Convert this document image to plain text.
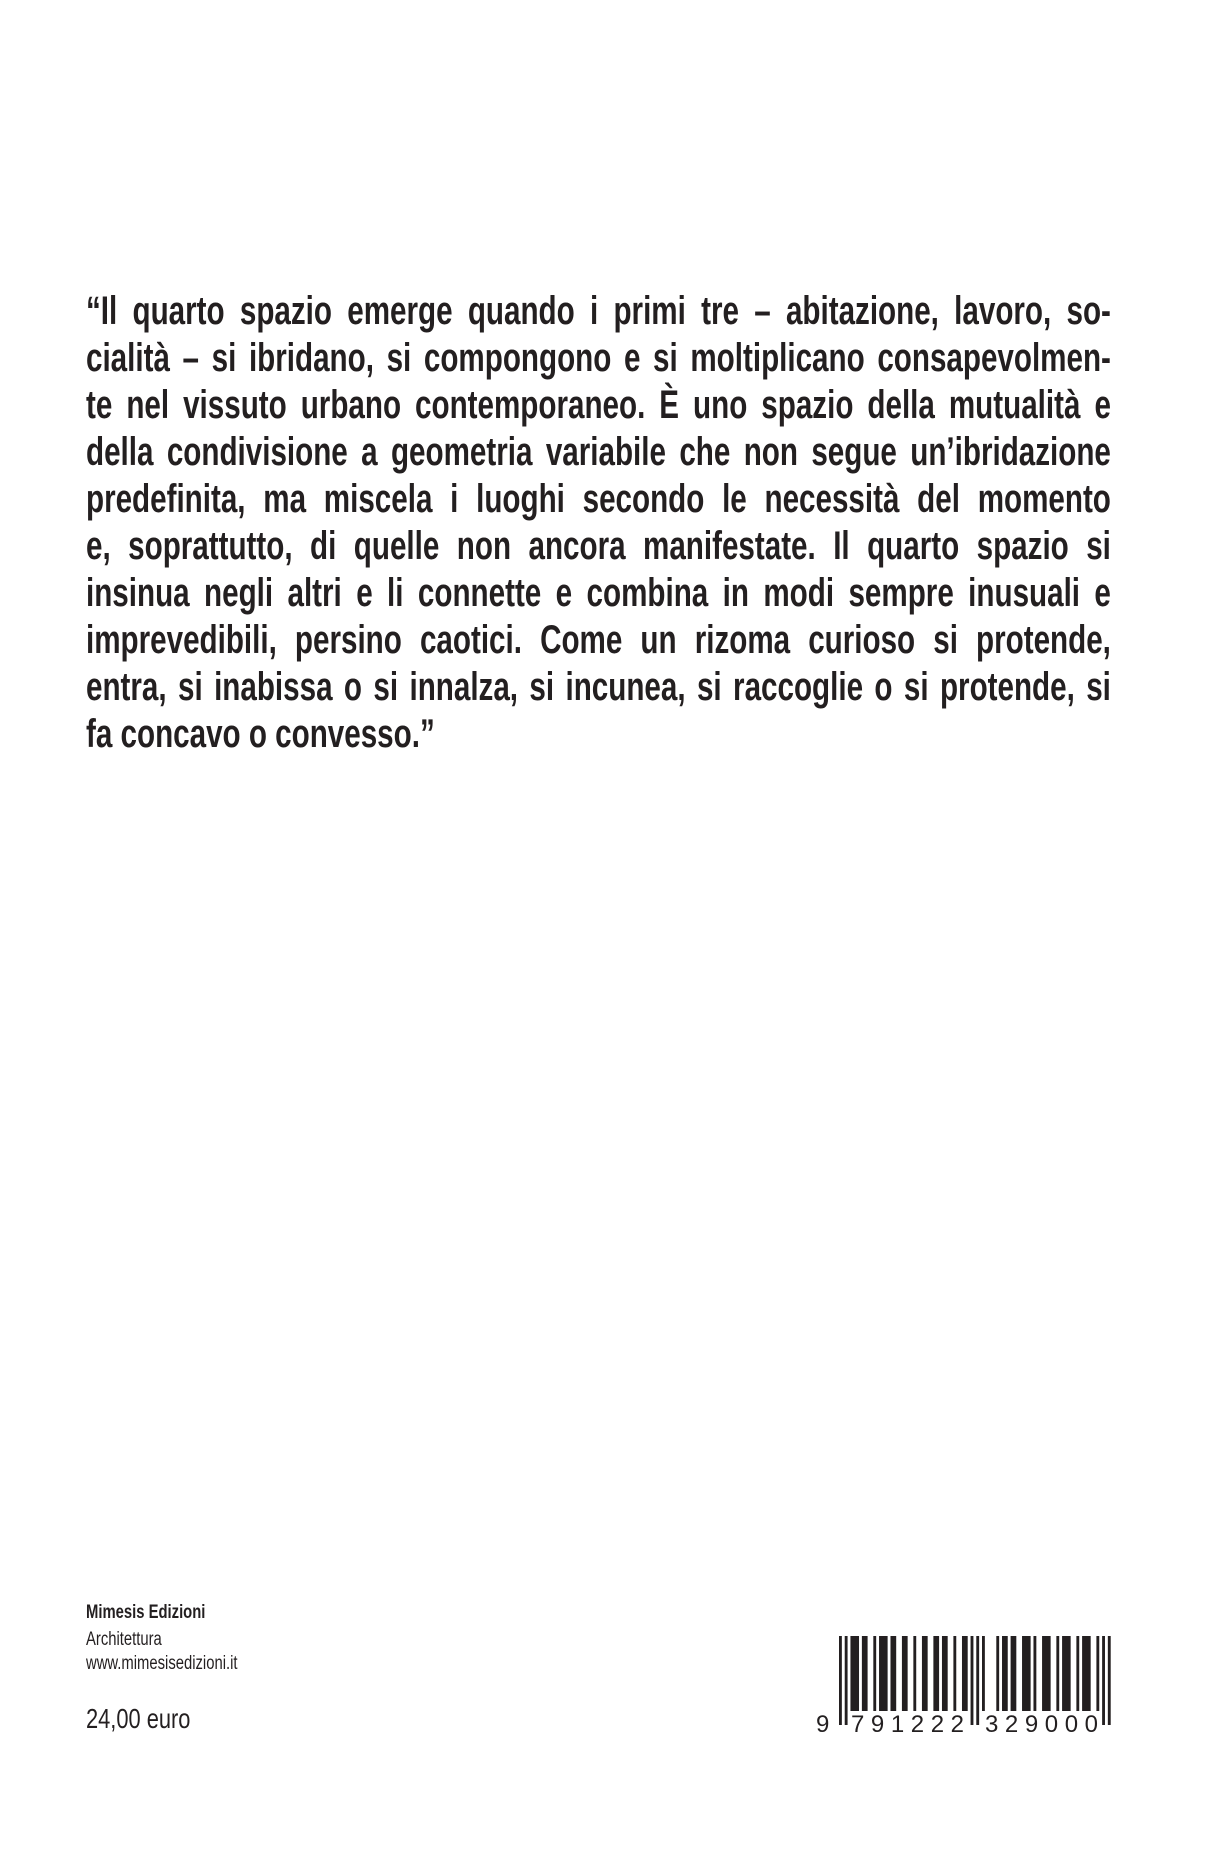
“Il quarto spazio emerge quando i primi tre – abitazione, lavoro, so-
cialità – si ibridano, si compongono e si moltiplicano consapevolmen-
te nel vissuto urbano contemporaneo. È uno spazio della mutualità e
della condivisione a geometria variabile che non segue un’ibridazione
predefinita, ma miscela i luoghi secondo le necessità del momento
e, soprattutto, di quelle non ancora manifestate. Il quarto spazio si
insinua negli altri e li connette e combina in modi sempre inusuali e
imprevedibili, persino caotici. Come un rizoma curioso si protende,
entra, si inabissa o si innalza, si incunea, si raccoglie o si protende, si
fa concavo o convesso.”
Mimesis Edizioni
Architettura
www.mimesisedizioni.it
24,00 euro	9 791222 329000
